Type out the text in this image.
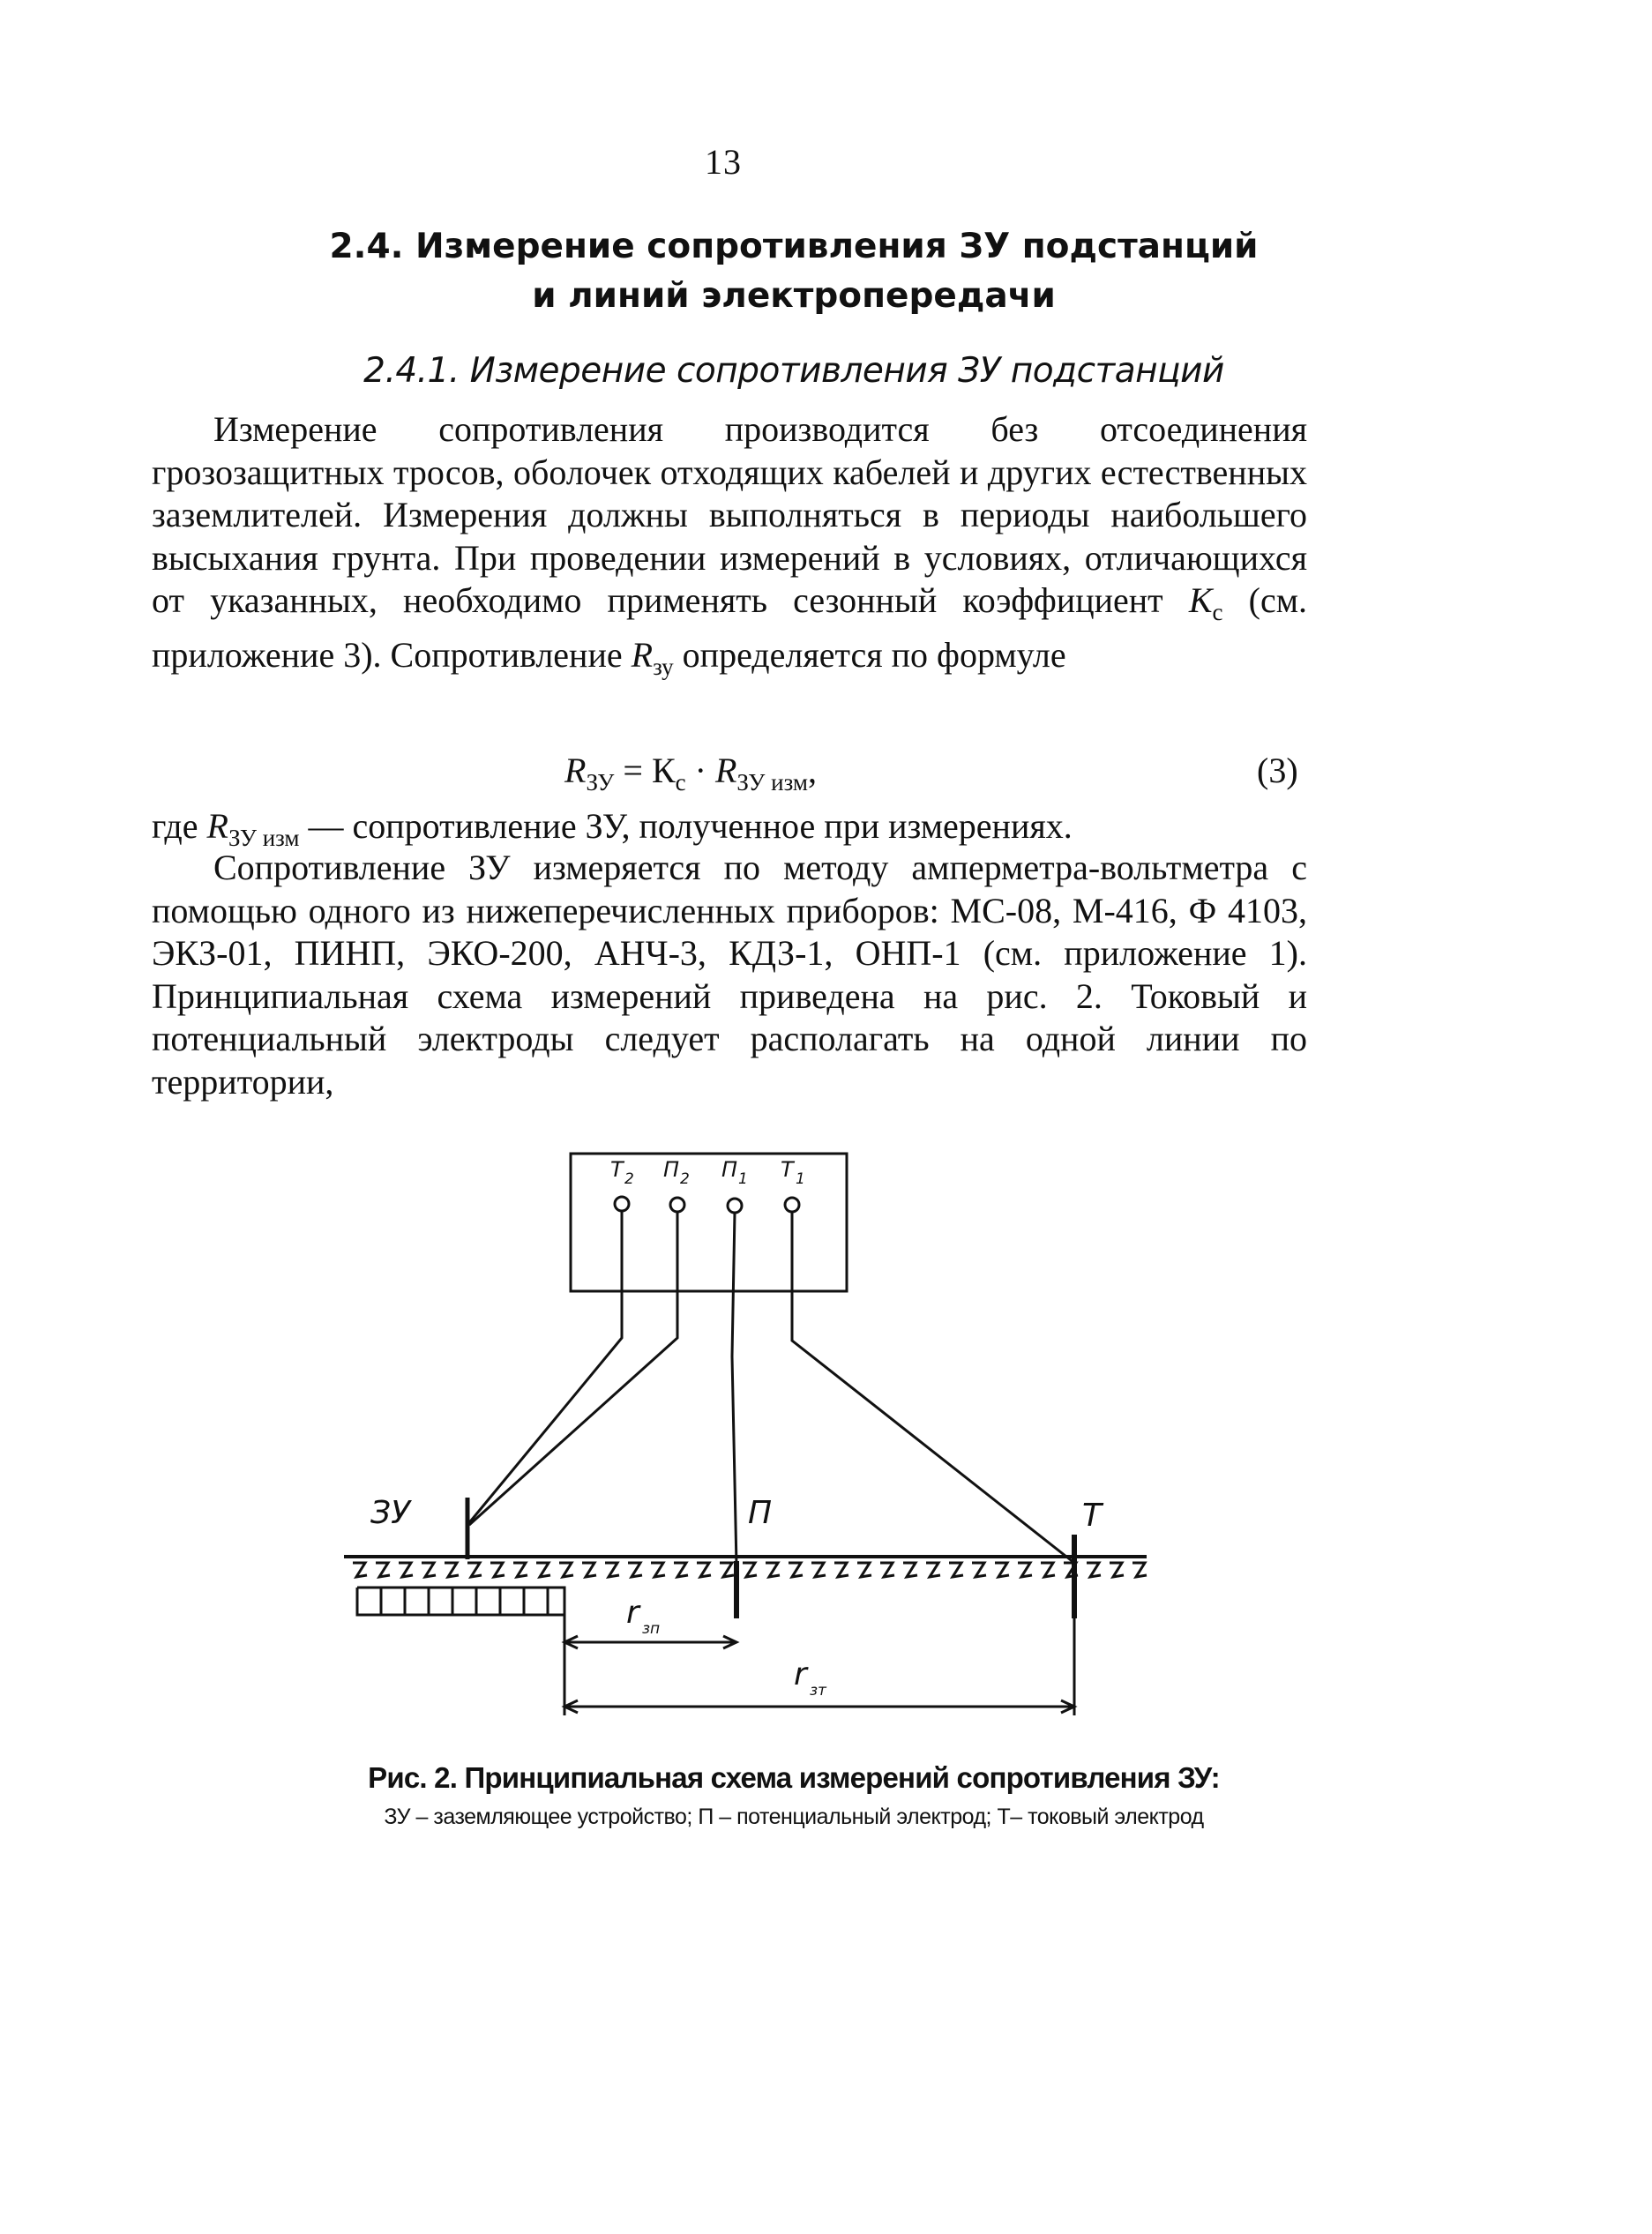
13
2.4. Измерение сопротивления ЗУ подстанций
и линий электропередачи
2.4.1. Измерение сопротивления ЗУ подстанций
Измерение сопротивления производится без отсоединения грозозащитных тросов, оболочек отходящих кабелей и других естественных заземлителей. Измерения должны выполняться в периоды наибольшего высыхания грунта. При проведении измерений в условиях, отличающихся от указанных, необходимо применять сезонный коэффициент $K_с$ (см. приложение 3). Сопротивление $R_{зу}$ определяется по формуле
$R_{ЗУ} = К_с \cdot R_{ЗУ изм}$,	(3)
где $R_{ЗУ изм}$ — сопротивление ЗУ, полученное при измерениях.
Сопротивление ЗУ измеряется по методу амперметра-вольтметра с помощью одного из нижеперечисленных приборов: МС-08, М-416, Ф 4103, ЭКЗ-01, ПИНП, ЭКО-200, АНЧ-3, КДЗ-1, ОНП-1 (см. приложение 1). Принципиальная схема измерений приведена на рис. 2. Токовый и потенциальный электроды следует располагать на одной линии по территории,
Т 2 П 2 П 1 Т 1
ЗУ	П	Т
r зп
r зт
Рис. 2. Принципиальная схема измерений сопротивления ЗУ:
ЗУ – заземляющее устройство; П – потенциальный электрод; Т– токовый электрод
